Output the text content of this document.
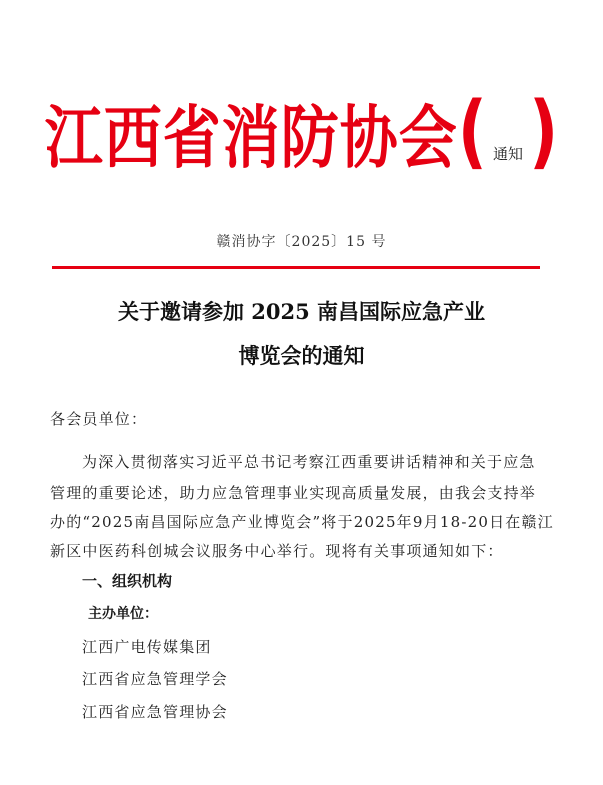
江西省消防协会 ( 通知 )
赣消协字〔2025〕15 号
关于邀请参加 2025 南昌国际应急产业
博览会的通知
各会员单位：
为深入贯彻落实习近平总书记考察江西重要讲话精神和关于应急
管理的重要论述，助力应急管理事业实现高质量发展，由我会支持举
办的“2025南昌国际应急产业博览会”将于2025年9月18-20日在赣江
新区中医药科创城会议服务中心举行。现将有关事项通知如下：
一、组织机构
主办单位：
江西广电传媒集团
江西省应急管理学会
江西省应急管理协会
